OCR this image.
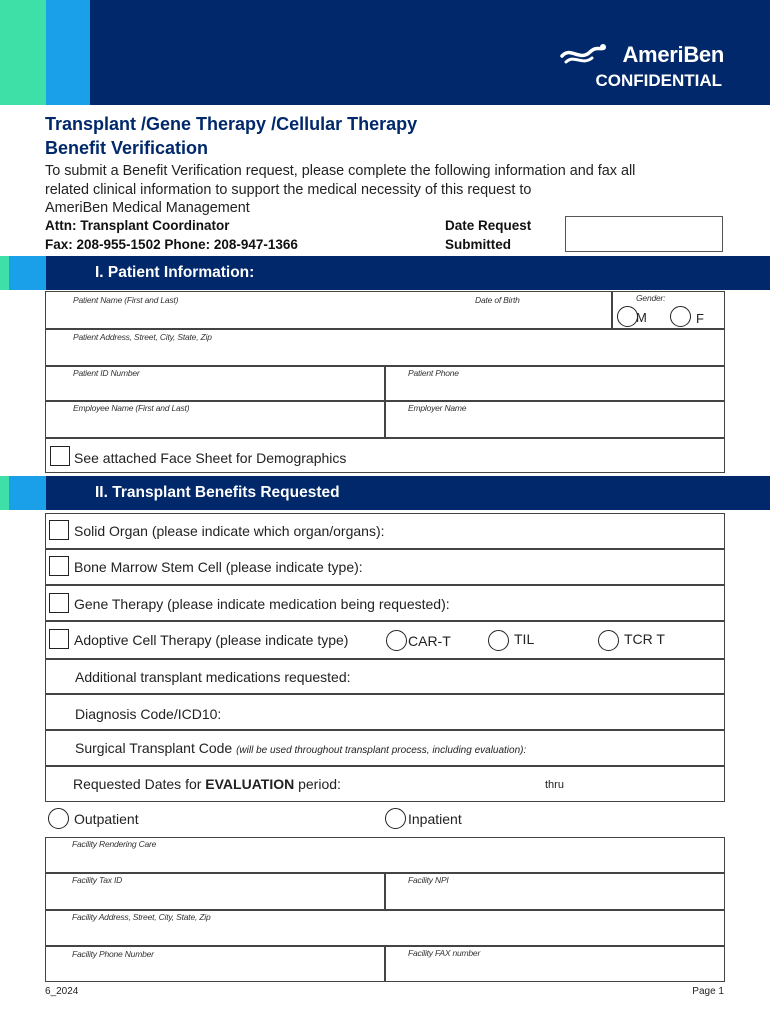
AmeriBen
CONFIDENTIAL
Transplant /Gene Therapy /Cellular Therapy
Benefit Verification
To submit a Benefit Verification request, please complete the following information and fax all
related clinical information to support the medical necessity of this request to
AmeriBen Medical Management
Attn: Transplant Coordinator
Fax: 208-955-1502 Phone: 208-947-1366
Date Request
Submitted
I. Patient Information:
Patient Name (First and Last)	Date of Birth	Gender:
M	F
Patient Address, Street, City, State, Zip
Patient ID Number	Patient Phone
Employee Name (First and Last)	Employer Name
See attached Face Sheet for Demographics
II. Transplant Benefits Requested
Solid Organ (please indicate which organ/organs):
Bone Marrow Stem Cell (please indicate type):
Gene Therapy (please indicate medication being requested):
Adoptive Cell Therapy (please indicate type)	CAR-T	TIL	TCR T
Additional transplant medications requested:
Diagnosis Code/ICD10:
Surgical Transplant Code (will be used throughout transplant process, including evaluation):
Requested Dates for EVALUATION period:	thru
Outpatient	Inpatient
Facility Rendering Care
Facility Tax ID	Facility NPI
Facility Address, Street, City, State, Zip
Facility Phone Number	Facility FAX number
6_2024	Page 1
